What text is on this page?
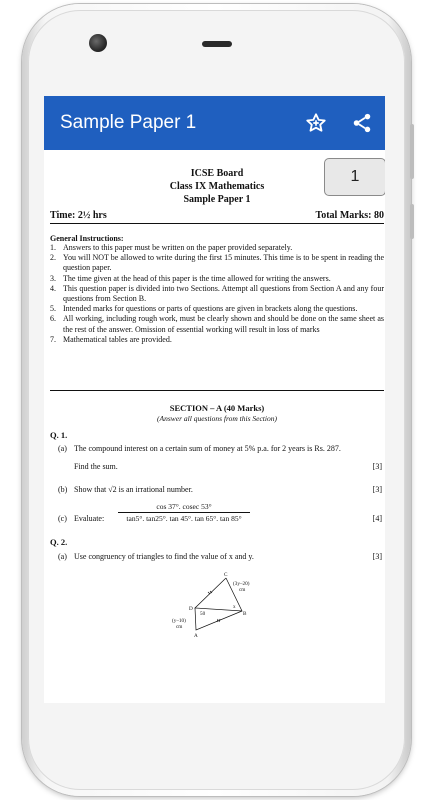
Sample Paper 1
ICSE Board
Class IX Mathematics
Sample Paper 1
1
Time: 2½ hrs	Total Marks: 80
General Instructions:
1. Answers to this paper must be written on the paper provided separately.
2. You will NOT be allowed to write during the first 15 minutes. This time is to be spent in reading the question paper.
3. The time given at the head of this paper is the time allowed for writing the answers.
4. This question paper is divided into two Sections. Attempt all questions from Section A and any four questions from Section B.
5. Intended marks for questions or parts of questions are given in brackets along the questions.
6. All working, including rough work, must be clearly shown and should be done on the same sheet as the rest of the answer. Omission of essential working will result in loss of marks
7. Mathematical tables are provided.
SECTION – A (40 Marks)
(Answer all questions from this Section)
Q. 1.
(a) The compound interest on a certain sum of money at 5% p.a. for 2 years is Rs. 287.
Find the sum.	[3]
(b) Show that √2 is an irrational number.	[3]
(c) Evaluate: $\frac{\cos 37^\circ. cosec 53^\circ}{\tan 5^\circ. \tan 25^\circ. \tan 45^\circ. \tan 65^\circ. \tan 85^\circ}$	[4]
Q. 2.
(a) Use congruency of triangles to find the value of x and y.	[3]
C
D
B
A
x
50
(3y–20)
cm
(y–10)
cm
